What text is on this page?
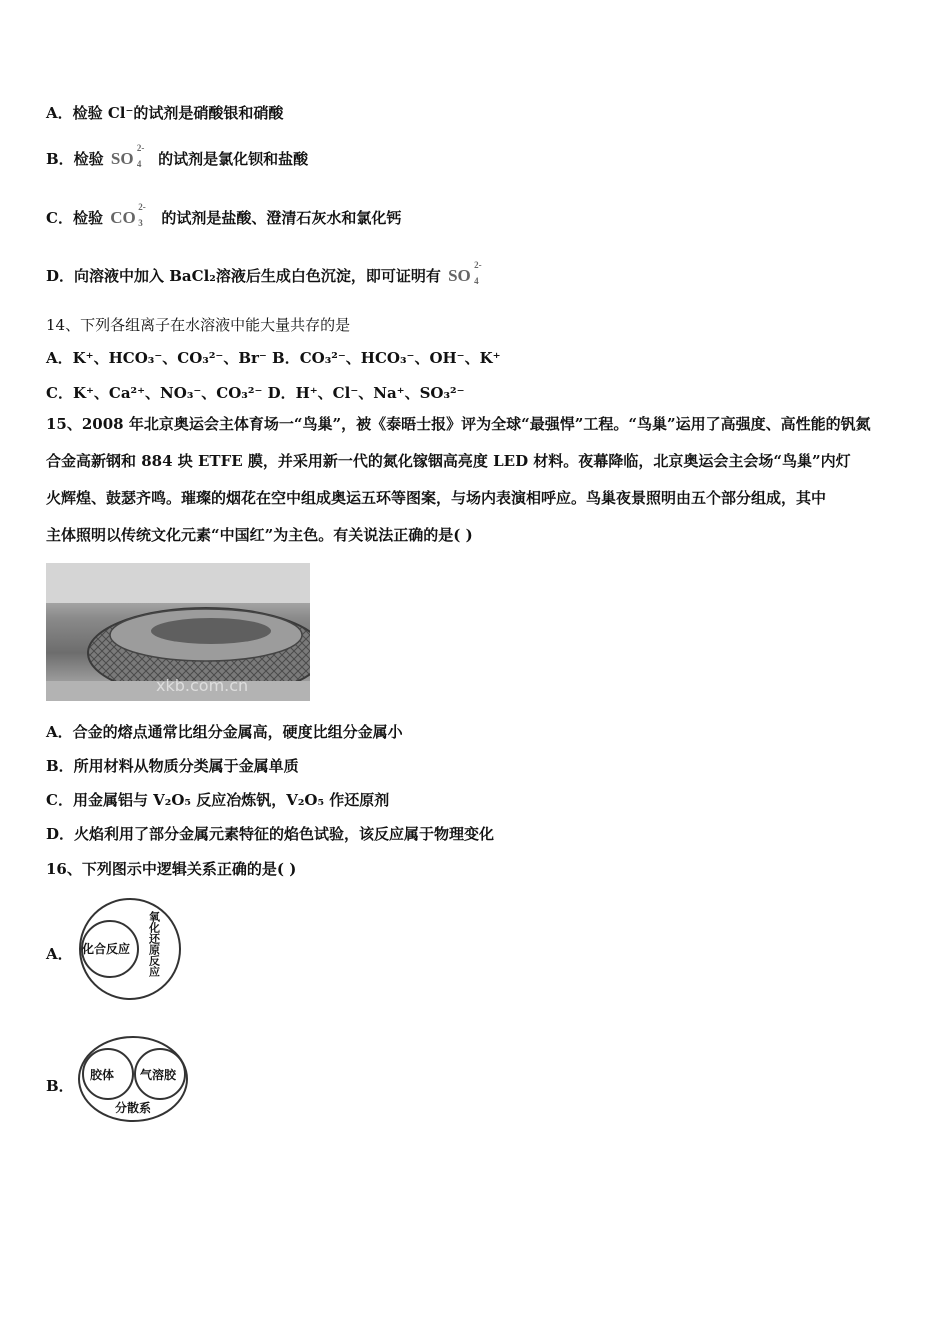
A．检验 Cl⁻的试剂是硝酸银和硝酸
B．检验 SO
2-
4 的试剂是氯化钡和盐酸
C．检验 CO
2-
3 的试剂是盐酸、澄清石灰水和氯化钙
D．向溶液中加入 BaCl₂溶液后生成白色沉淀，即可证明有 SO
2-
4
14、下列各组离子在水溶液中能大量共存的是
A．K⁺、HCO₃⁻、CO₃²⁻、Br⁻ B．CO₃²⁻、HCO₃⁻、OH⁻、K⁺
C．K⁺、Ca²⁺、NO₃⁻、CO₃²⁻ D．H⁺、Cl⁻、Na⁺、SO₃²⁻
15、2008 年北京奥运会主体育场一“鸟巢”，被《泰晤士报》评为全球“最强悍”工程。“鸟巢”运用了高强度、高性能的钒氮
合金高新钢和 884 块 ETFE 膜，并采用新一代的氮化镓铟高亮度 LED 材料。夜幕降临，北京奥运会主会场“鸟巢”内灯
火辉煌、鼓瑟齐鸣。璀璨的烟花在空中组成奥运五环等图案，与场内表演相呼应。鸟巢夜景照明由五个部分组成，其中
主体照明以传统文化元素“中国红”为主色。有关说法正确的是( )
xkb.com.cn
A．合金的熔点通常比组分金属高，硬度比组分金属小
B．所用材料从物质分类属于金属单质
C．用金属铝与 V₂O₅ 反应冶炼钒，V₂O₅ 作还原剂
D．火焰利用了部分金属元素特征的焰色试验，该反应属于物理变化
16、下列图示中逻辑关系正确的是( )
A． 化合反应 氧化还原反应
B．
胶体 气溶胶
分散系
